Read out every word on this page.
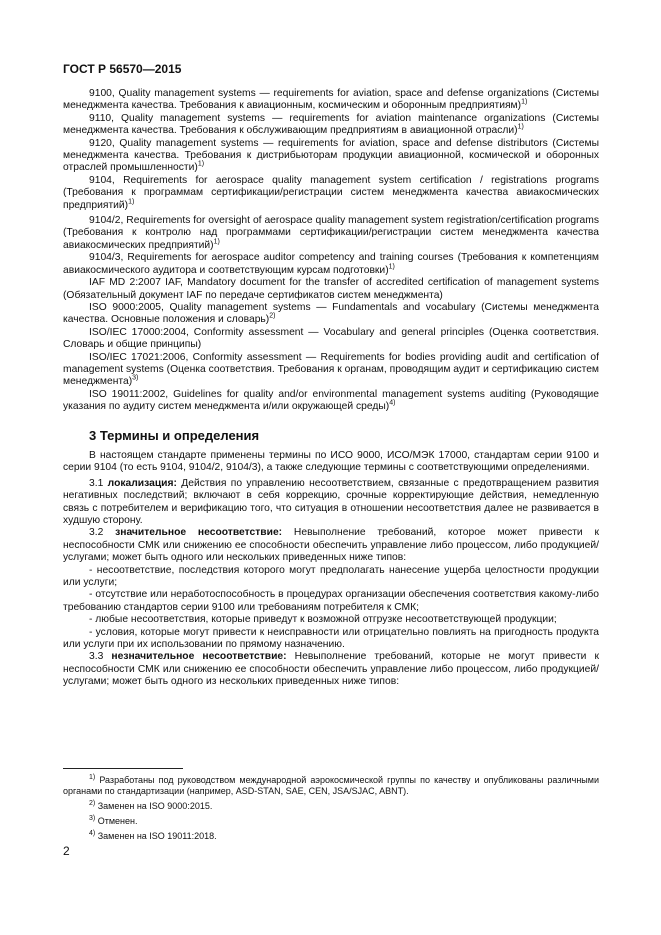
ГОСТ Р 56570—2015

9100, Quality management systems — requirements for aviation, space and defense organizations (Системы менеджмента качества. Требования к авиационным, космическим и оборонным предприятиям)$^{1)}$

9110, Quality management systems — requirements for aviation maintenance organizations (Системы менеджмента качества. Требования к обслуживающим предприятиям в авиационной отрасли)$^{1)}$

9120, Quality management systems — requirements for aviation, space and defense distributors (Системы менеджмента качества. Требования к дистрибьюторам продукции авиационной, космической и оборонных отраслей промышленности)$^{1)}$

9104, Requirements for aerospace quality management system certification / registrations programs (Требования к программам сертификации/регистрации систем менеджмента качества авиакосмических предприятий)$^{1)}$

9104/2, Requirements for oversight of aerospace quality management system registration/certification programs (Требования к контролю над программами сертификации/регистрации систем менеджмента качества авиакосмических предприятий)$^{1)}$

9104/3, Requirements for aerospace auditor competency and training courses (Требования к компетенциям авиакосмического аудитора и соответствующим курсам подготовки)$^{1)}$

IAF MD 2:2007 IAF, Mandatory document for the transfer of accredited certification of management systems (Обязательный документ IAF по передаче сертификатов систем менеджмента)

ISO 9000:2005, Quality management systems — Fundamentals and vocabulary (Системы менеджмента качества. Основные положения и словарь)$^{2)}$

ISO/IEC 17000:2004, Conformity assessment — Vocabulary and general principles (Оценка соответствия. Словарь и общие принципы)

ISO/IEC 17021:2006, Conformity assessment — Requirements for bodies providing audit and certification of management systems (Оценка соответствия. Требования к органам, проводящим аудит и сертификацию систем менеджмента)$^{3)}$

ISO 19011:2002, Guidelines for quality and/or environmental management systems auditing (Руководящие указания по аудиту систем менеджмента и/или окружающей среды)$^{4)}$

3 Термины и определения

В настоящем стандарте применены термины по ИСО 9000, ИСО/МЭК 17000, стандартам серии 9100 и серии 9104 (то есть 9104, 9104/2, 9104/3), а также следующие термины с соответствующими определениями.

3.1 локализация: Действия по управлению несоответствием, связанные с предотвращением развития негативных последствий; включают в себя коррекцию, срочные корректирующие действия, немедленную связь с потребителем и верификацию того, что ситуация в отношении несоответствия далее не развивается в худшую сторону.

3.2 значительное несоответствие: Невыполнение требований, которое может привести к неспособности СМК или снижению ее способности обеспечить управление либо процессом, либо продукцией/услугами; может быть одного или нескольких приведенных ниже типов:

- несоответствие, последствия которого могут предполагать нанесение ущерба целостности продукции или услуги;

- отсутствие или неработоспособность в процедурах организации обеспечения соответствия какому-либо требованию стандартов серии 9100 или требованиям потребителя к СМК;

- любые несоответствия, которые приведут к возможной отгрузке несоответствующей продукции;

- условия, которые могут привести к неисправности или отрицательно повлиять на пригодность продукта или услуги при их использовании по прямому назначению.

3.3 незначительное несоответствие: Невыполнение требований, которые не могут привести к неспособности СМК или снижению ее способности обеспечить управление либо процессом, либо продукцией/услугами; может быть одного из нескольких приведенных ниже типов:

$^{1)}$ Разработаны под руководством международной аэрокосмической группы по качеству и опубликованы различными органами по стандартизации (например, ASD-STAN, SAE, CEN, JSA/SJAC, ABNT).

$^{2)}$ Заменен на ISO 9000:2015.

$^{3)}$ Отменен.

$^{4)}$ Заменен на ISO 19011:2018.

2
